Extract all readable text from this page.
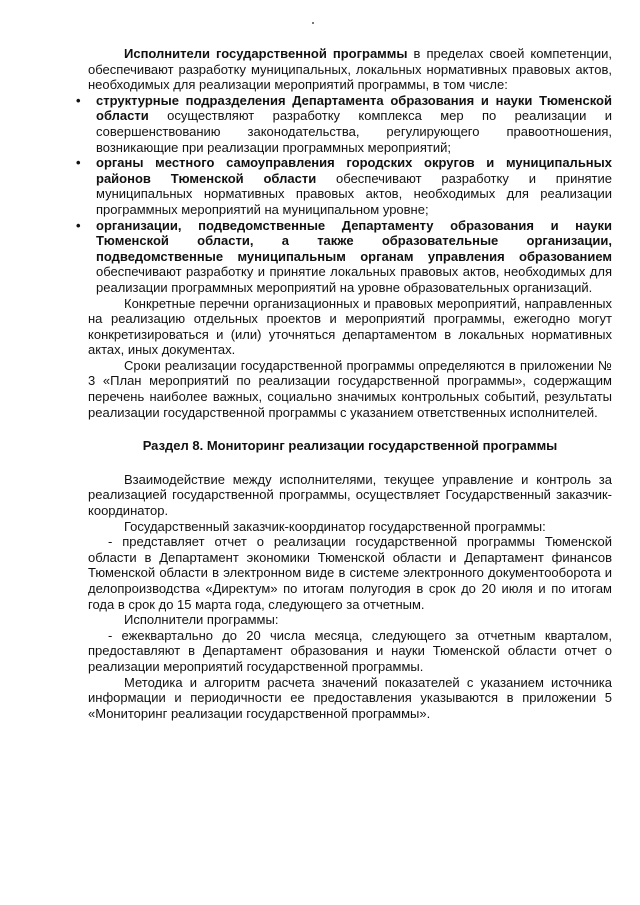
Исполнители государственной программы в пределах своей компетенции, обеспечивают разработку муниципальных, локальных нормативных правовых актов, необходимых для реализации мероприятий программы, в том числе:

• структурные подразделения Департамента образования и науки Тюменской области осуществляют разработку комплекса мер по реализации и совершенствованию законодательства, регулирующего правоотношения, возникающие при реализации программных мероприятий;
• органы местного самоуправления городских округов и муниципальных районов Тюменской области обеспечивают разработку и принятие муниципальных нормативных правовых актов, необходимых для реализации программных мероприятий на муниципальном уровне;
• организации, подведомственные Департаменту образования и науки Тюменской области, а также образовательные организации, подведомственные муниципальным органам управления образованием обеспечивают разработку и принятие локальных правовых актов, необходимых для реализации программных мероприятий на уровне образовательных организаций.

Конкретные перечни организационных и правовых мероприятий, направленных на реализацию отдельных проектов и мероприятий программы, ежегодно могут конкретизироваться и (или) уточняться департаментом в локальных нормативных актах, иных документах.

Сроки реализации государственной программы определяются в приложении № 3 «План мероприятий по реализации государственной программы», содержащим перечень наиболее важных, социально значимых контрольных событий, результаты реализации государственной программы с указанием ответственных исполнителей.

Раздел 8. Мониторинг реализации государственной программы

Взаимодействие между исполнителями, текущее управление и контроль за реализацией государственной программы, осуществляет Государственный заказчик-координатор.

Государственный заказчик-координатор государственной программы:

- представляет отчет о реализации государственной программы Тюменской области в Департамент экономики Тюменской области и Департамент финансов Тюменской области в электронном виде в системе электронного документооборота и делопроизводства «Директум» по итогам полугодия в срок до 20 июля и по итогам года в срок до 15 марта года, следующего за отчетным.

Исполнители программы:

- ежеквартально до 20 числа месяца, следующего за отчетным кварталом, предоставляют в Департамент образования и науки Тюменской области отчет о реализации мероприятий государственной программы.

Методика и алгоритм расчета значений показателей с указанием источника информации и периодичности ее предоставления указываются в приложении 5 «Мониторинг реализации государственной программы».
